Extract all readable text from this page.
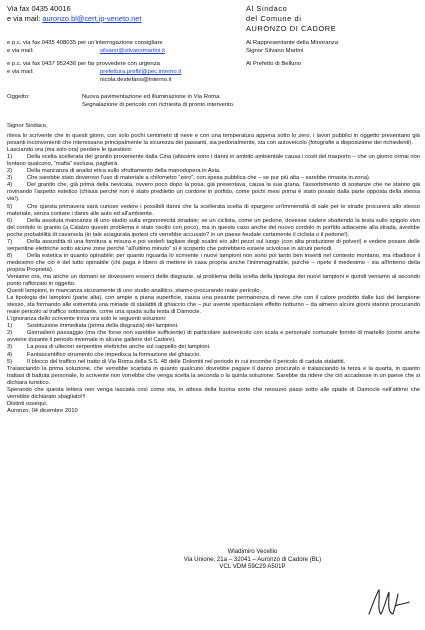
Via fax 0435 40016
e via mail: auronzo.bl@cert.ip-veneto.net
Al Sindaco
del Comune di
AURONZO DI CADORE
e p.c. via fax 0435 408035 per un'interrogazione consigliare
e via mail:	silvano@silvanomartini.it
Al Rappresentante della Minoranza
Signor Silvano Martini
e p.c. via fax 0437 952436 per far provvedere con urgenza
e via mail:	prefettura.prefbl@pec.interno.it
nicola.destefano@interno.it
Al Prefetto di Belluno
Oggetto:	Nuova pavimentazione ed illuminazione in Via Roma.
Segnalazione di pericolo con richiesta di pronto intervento.

Signor Sindaco,

rileva lo scrivente che in questi giorni, con solo pochi centimetri di neve e con una temperatura appena sotto lo zero, i lavori pubblici in oggetto presentano già pesanti inconvenienti che interessano principalmente la sicurezza dei passanti, sia pedonalmente, sia con autoveicolo (fotografie a disposizione dei richiedenti).

Lasciando ora (ma solo ora) perdere le questioni:

1)	Della scelta scellerata del granito proveniente dalla Cina (altissimi sono i danni in ambito ambientale causa i costi del trasporto – che un giorno ormai non lontano qualcuno, “mafia” esclusa, pagherà.

2)	Della mancanza di analisi etica sullo sfruttamento della manodopera in Asia.

3)	Che sarebbe stato doveroso l'uso di materiale a chilometro “zero”, con spesa pubblica che – se pur più alta – sarebbe rimasta in zona).

4)	Del granito che, già prima della nevicata, ovvero poco dopo la posa, già presentava, causa la sua grana, l'assorbimento di sostanze che ne stanno già rovinando l'aspetto estetico (chissà perché non è stato prediletto un cordone in porfido, come pochi mesi prima è stato posato dalla parte opposta della stessa via!).

5)	Che questa primavera sarà curioso vedere i possibili danni che la scellerata scelta di spargere un'immensità di sale per le strade procurerà allo stesso materiale, senza contare i danni alle auto ed all'ambiente.

6)	Della assoluta mancanza di uno studio sulla ergonomicità stradale; se un ciclista, come un pedone, dovesse cadere sbattendo la testa sullo spigolo vivo del cordolo in granito (a Calalzo questo problema è stato risolto con poco), ma in questo caso anche del nuovo cordolo in porfido adiacente alla strada, avrebbe poche probabilità di cavarsela (in tale sciagurata ipotesi chi verrebbe accusato? in un paese feudale certamente il ciclista o il pedone!).

7)	Della assurdità di una fornitura a misura e poi vederli tagliare degli scalini e/o altri pezzi sul luogo (con alta produzione di polveri) e vedere posare delle serpentine elettriche sotto alcune zone perché “all'ultimo minuto” si è scoperto che potrebbero essere scivolose in alcuni periodi.

8)	Della estetica in quanto opinabile; per quanto riguarda lo scrivente i nuovi lampioni non sono poi tanto ben inseriti nel contesto montano, ma ribadisce il medesimo che ciò è del tutto opinabile (chi paga è libero di mettere in casa propria anche l'inimmaginabile, purché – ripete il medesimo - sia all'interno della propria Proprietà).

Veniamo ora, ma anche un domani se dovessero esserci delle disgrazie, al problema della scelta della tipologia dei nuovi lampioni e quindi veniamo al secondo punto rafforzato in oggetto.

Questi lampioni, in mancanza sicuramente di uno studio analitico, stanno procurando reale pericolo.

La tipologia dei lampioni (parte alta), con ampie a piana superficie, causa una pesante permanenza di neve che con il calore prodotto dalle luci del lampione stesso, sta formando alle estremità una miriade di stalattiti di ghiaccio che – pur avente spettacolare effetto notturno – da almeno alcuni giorni stanno procurando reale pericolo al traffico sottostante, come una spada sulla testa di Damocle.

L'ignoranza dello scrivente trova ora solo le seguenti soluzioni:

1)	Sostituzione immediata (prima della disgrazia) dei lampioni.

2)	Giornaliero passaggio (ma che forse non sarebbe sufficiente) di particolare autoveicolo con scala e personale comunale fornito di martello (come anche avviene durante il periodo invernale in alcune gallerie del Cadore).

3)	La posa di ulteriori serpentine elettriche anche sul cappello dei lampioni.

4)	Fantascentifico strumento che impedisca la formazione del ghiaccio.

5)	Il blocco del traffico nel tratto di Via Roma della S.S. 48 delle Dolomiti nel periodo in cui incombe il pericolo di caduta stalattiti.

Tralasciando la prima soluzione, che verrebbe scartata in quanto qualcuno dovrebbe pagare il danno procurato e tralasciando la terza e la quarta, in quanto trattasi di battuta personale, lo scrivente non vorrebbe che venga scelta la seconda o la quinta soluzione. Sarebbe da ridere che ciò accadesse in un paese che si dichiara turistico.

Sperando che questa lettera non venga lasciata così come sta, in attesa della buona sorte che nessuno passi sotto alle spade di Damocle nell'attimo che verrebbe dichiarato sbagliato!!!

Distinti ossequi.

Auronzo, 04 dicembre 2010

Wladimiro Vecellio
Via Unione, 21a – 32041 – Auronzo di Cadore (BL)
VCL VDM 59C29 A501P
